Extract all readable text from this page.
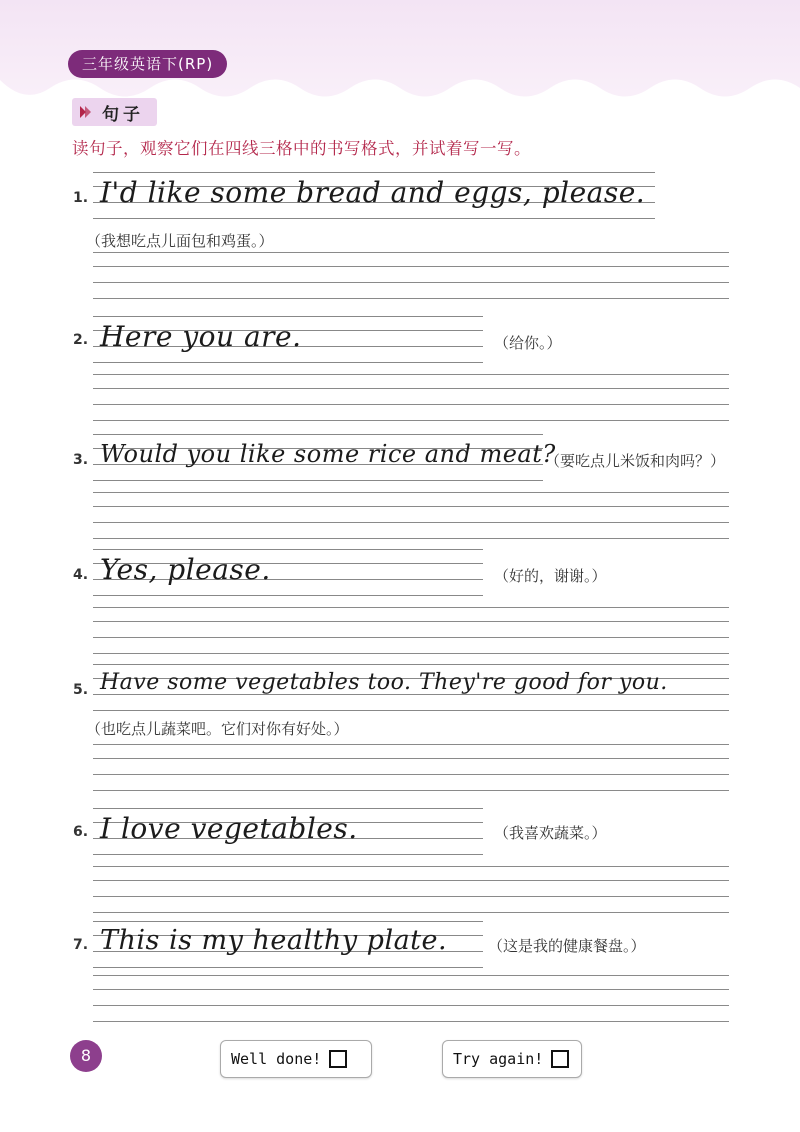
三年级英语下(RP)
句子
读句子，观察它们在四线三格中的书写格式，并试着写一写。
1. I'd like some bread and eggs, please.
（我想吃点儿面包和鸡蛋。）
2. Here you are.	（给你。）
3. Would you like some rice and meat?
（要吃点儿米饭和肉吗？）
4. Yes, please.	（好的，谢谢。）
5. Have some vegetables too. They're good for you.
（也吃点儿蔬菜吧。它们对你有好处。）
6. I love vegetables.	（我喜欢蔬菜。）
7. This is my healthy plate.	（这是我的健康餐盘。）
8	Well done!	Try again!
